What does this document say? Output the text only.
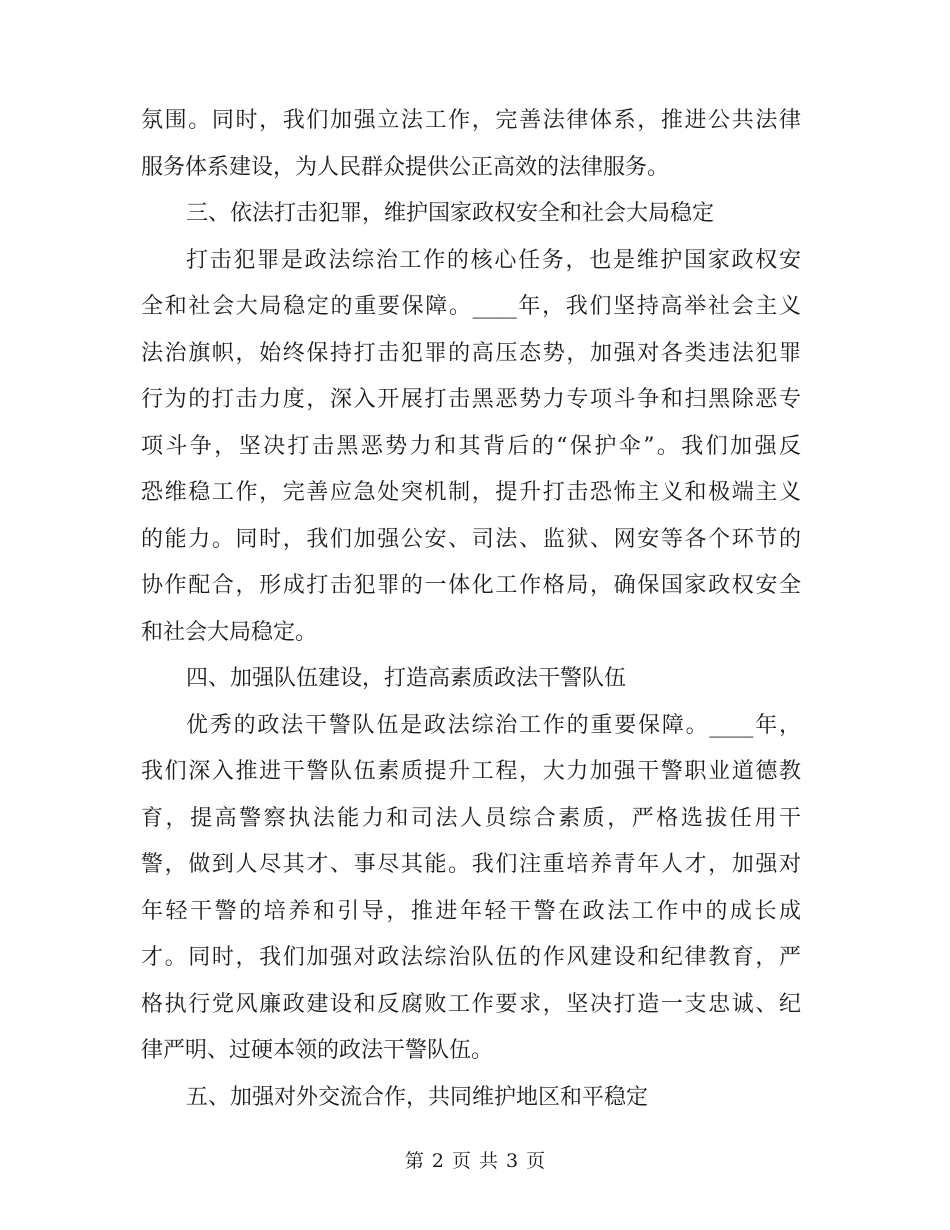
氛围。同时，我们加强立法工作，完善法律体系，推进公共法律
服务体系建设，为人民群众提供公正高效的法律服务。
三、依法打击犯罪，维护国家政权安全和社会大局稳定
打击犯罪是政法综治工作的核心任务，也是维护国家政权安
全和社会大局稳定的重要保障。____年，我们坚持高举社会主义
法治旗帜，始终保持打击犯罪的高压态势，加强对各类违法犯罪
行为的打击力度，深入开展打击黑恶势力专项斗争和扫黑除恶专
项斗争，坚决打击黑恶势力和其背后的“保护伞”。我们加强反
恐维稳工作，完善应急处突机制，提升打击恐怖主义和极端主义
的能力。同时，我们加强公安、司法、监狱、网安等各个环节的
协作配合，形成打击犯罪的一体化工作格局，确保国家政权安全
和社会大局稳定。
四、加强队伍建设，打造高素质政法干警队伍
优秀的政法干警队伍是政法综治工作的重要保障。____年，
我们深入推进干警队伍素质提升工程，大力加强干警职业道德教
育，提高警察执法能力和司法人员综合素质，严格选拔任用干
警，做到人尽其才、事尽其能。我们注重培养青年人才，加强对
年轻干警的培养和引导，推进年轻干警在政法工作中的成长成
才。同时，我们加强对政法综治队伍的作风建设和纪律教育，严
格执行党风廉政建设和反腐败工作要求，坚决打造一支忠诚、纪
律严明、过硬本领的政法干警队伍。
五、加强对外交流合作，共同维护地区和平稳定
第 2 页 共 3 页
